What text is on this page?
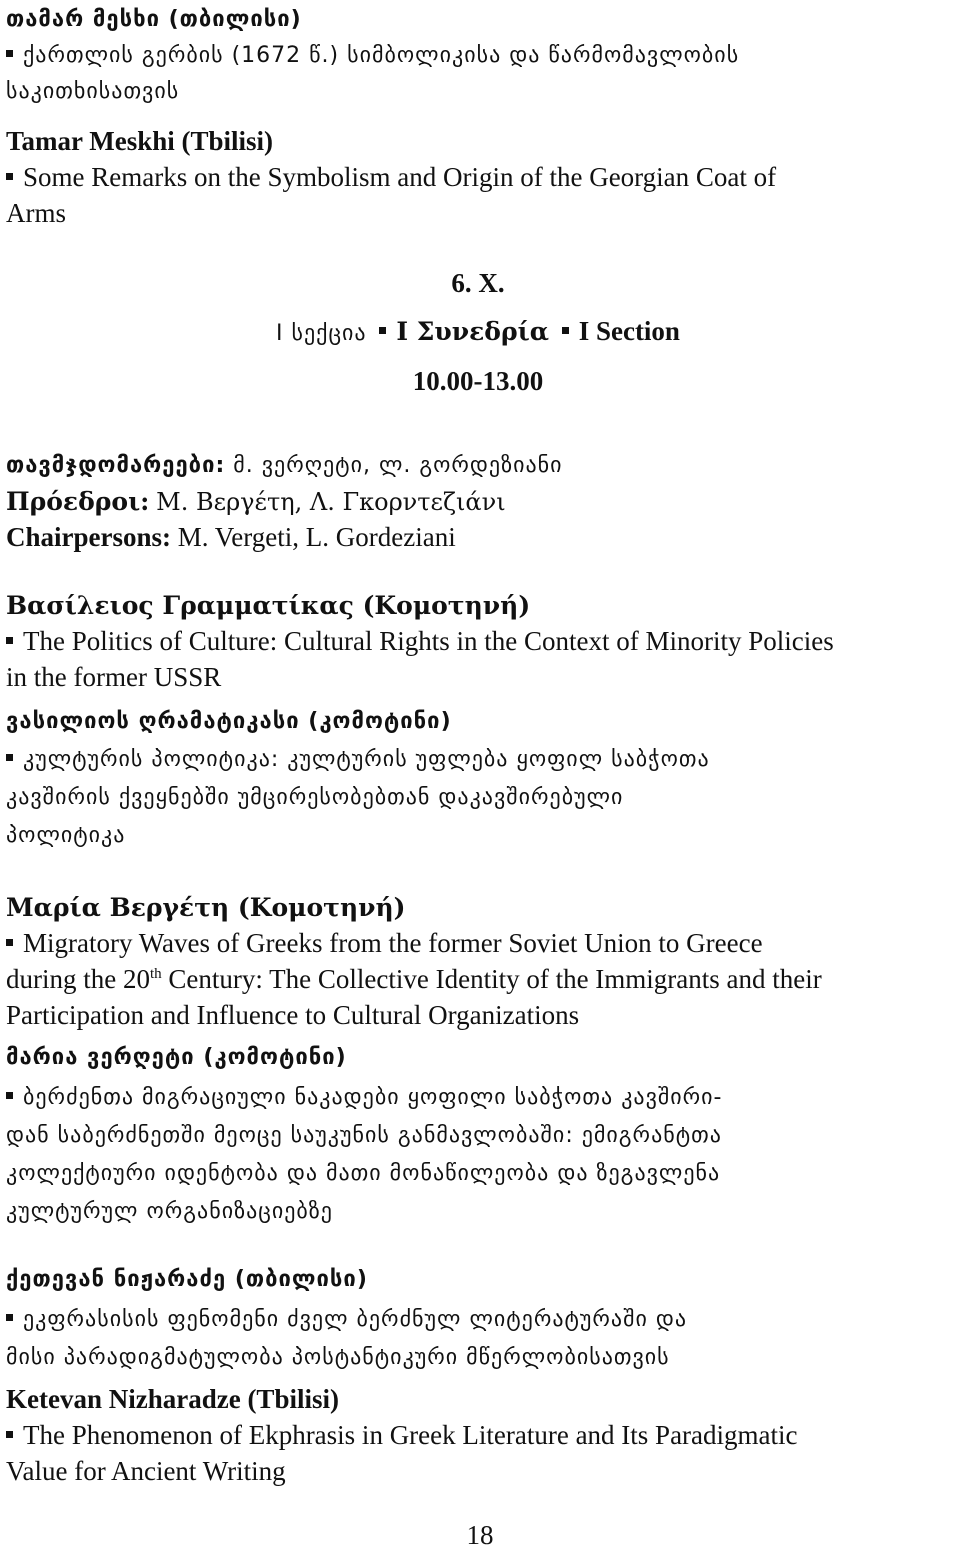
თამარ მესხი (თბილისი)
ქართლის გერბის (1672 წ.) სიმბოლიკისა და წარმომავლობის
საკითხისათვის
Tamar Meskhi (Tbilisi)
Some Remarks on the Symbolism and Origin of the Georgian Coat of
Arms
6. X.
I სექცია I Συνεδρία I Section
10.00-13.00
თავმჯდომარეები: მ. ვერღეტი, ლ. გორდეზიანი
Πρόεδροι: Μ. Βεργέτη, Λ. Γκορντεζιάνι
Chairpersons: M. Vergeti, L. Gordeziani
Βασίλειος Γραμματίκας (Κομοτηνή)
The Politics of Culture: Cultural Rights in the Context of Minority Policies
in the former USSR
ვასილიოს ღრამატიკასი (კომოტინი)
კულტურის პოლიტიკა: კულტურის უფლება ყოფილ საბჭოთა
კავშირის ქვეყნებში უმცირესობებთან დაკავშირებული
პოლიტიკა
Μαρία Βεργέτη (Κομοτηνή)
Migratory Waves of Greeks from the former Soviet Union to Greece
during the 20th Century: The Collective Identity of the Immigrants and their
Participation and Influence to Cultural Organizations
მარია ვერღეტი (კომოტინი)
ბერძენთა მიგრაციული ნაკადები ყოფილი საბჭოთა კავშირი-
დან საბერძნეთში მეოცე საუკუნის განმავლობაში: ემიგრანტთა
კოლექტიური იდენტობა და მათი მონაწილეობა და ზეგავლენა
კულტურულ ორგანიზაციებზე
ქეთევან ნიჟარაძე (თბილისი)
ეკფრასისის ფენომენი ძველ ბერძნულ ლიტერატურაში და
მისი პარადიგმატულობა პოსტანტიკური მწერლობისათვის
Ketevan Nizharadze (Tbilisi)
The Phenomenon of Ekphrasis in Greek Literature and Its Paradigmatic
Value for Ancient Writing
18
